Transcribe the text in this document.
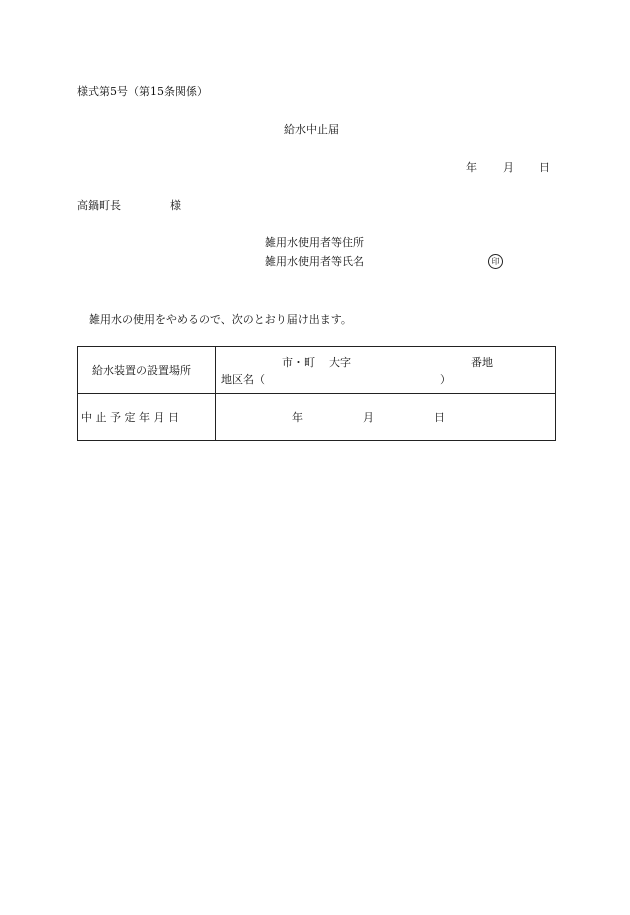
様式第5号（第15条関係）
給水中止届
年 月 日
高鍋町長	様
雑用水使用者等住所
雑用水使用者等氏名	印
雑用水の使用をやめるので、次のとおり届け出ます。
給水装置の設置場所	市・町 大字 番地
地区名（ ）

中 止 予 定 年 月 日	年 月 日
